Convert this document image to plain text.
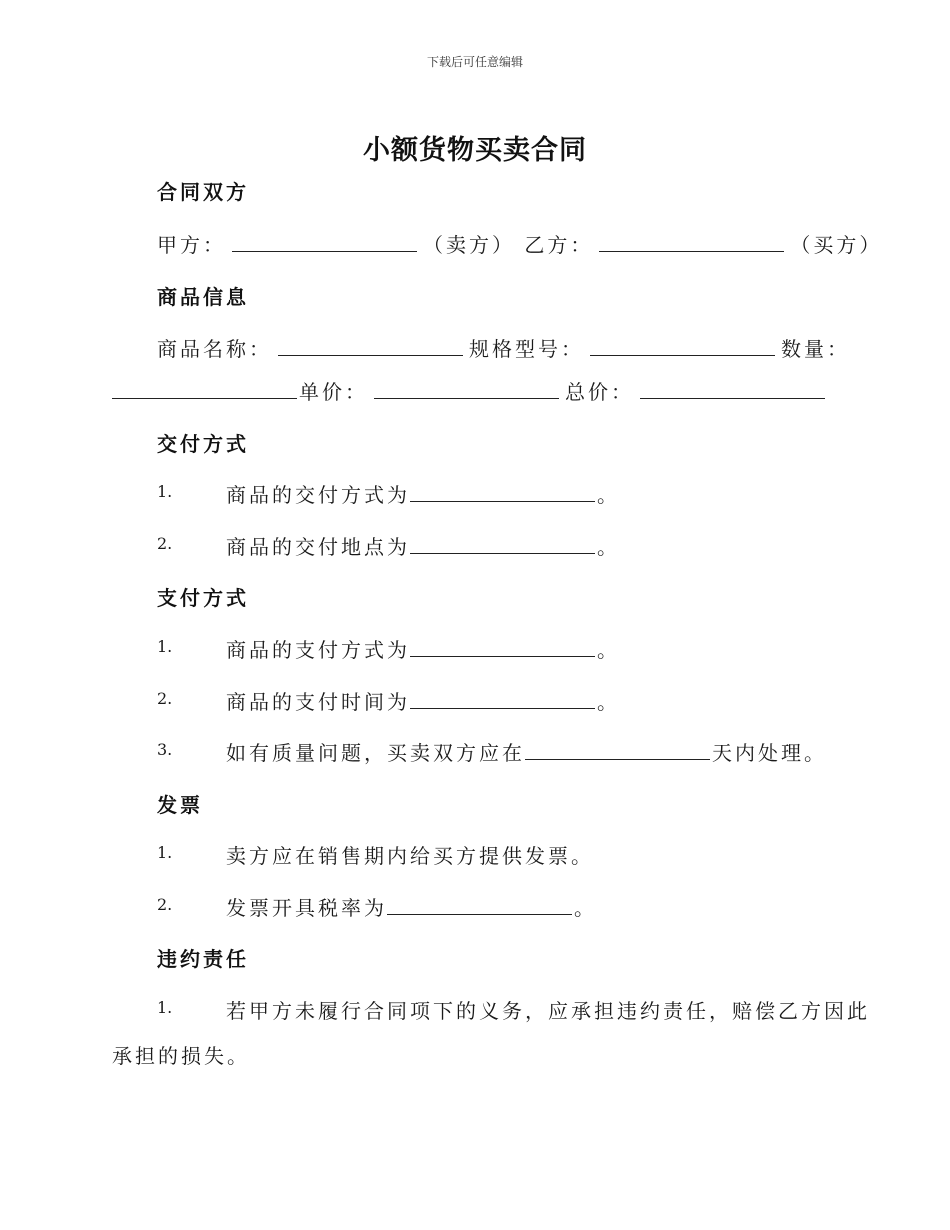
下载后可任意编辑
小额货物买卖合同
合同双方
甲方：	（卖方） 乙方：	（买方）
商品信息
商品名称：	规格型号：	数量：
单价：	总价：
交付方式
1.	商品的交付方式为	。
2.	商品的交付地点为	。
支付方式
1.	商品的支付方式为	。
2.	商品的支付时间为	。
3.	如有质量问题，买卖双方应在	天内处理。
发票
1.	卖方应在销售期内给买方提供发票。
2.	发票开具税率为	。
违约责任
1.	若甲方未履行合同项下的义务，应承担违约责任，赔偿乙方因此
承担的损失。
